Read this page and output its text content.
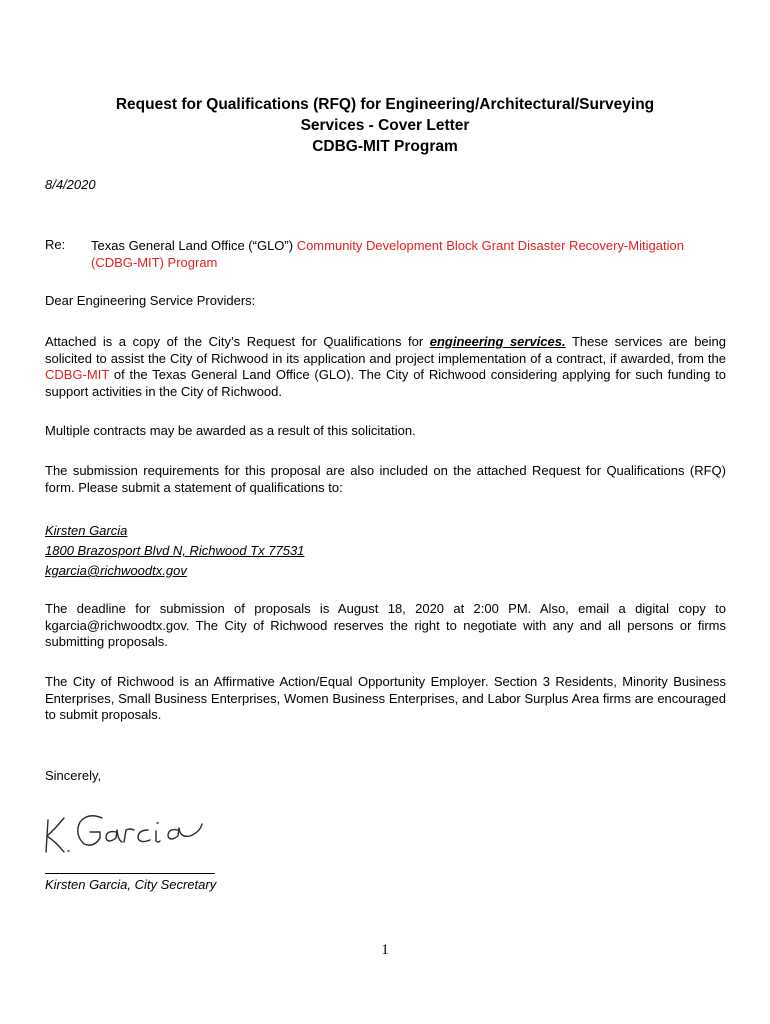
Request for Qualifications (RFQ) for Engineering/Architectural/Surveying
Services - Cover Letter
CDBG-MIT Program
8/4/2020
Re: Texas General Land Office (“GLO”) Community Development Block Grant Disaster Recovery-Mitigation (CDBG-MIT) Program
Dear Engineering Service Providers:
Attached is a copy of the City’s Request for Qualifications for engineering services. These services are being solicited to assist the City of Richwood in its application and project implementation of a contract, if awarded, from the CDBG-MIT of the Texas General Land Office (GLO). The City of Richwood considering applying for such funding to support activities in the City of Richwood.
Multiple contracts may be awarded as a result of this solicitation.
The submission requirements for this proposal are also included on the attached Request for Qualifications (RFQ) form. Please submit a statement of qualifications to:
Kirsten Garcia
1800 Brazosport Blvd N, Richwood Tx 77531
kgarcia@richwoodtx.gov
The deadline for submission of proposals is August 18, 2020 at 2:00 PM. Also, email a digital copy to kgarcia@richwoodtx.gov. The City of Richwood reserves the right to negotiate with any and all persons or firms submitting proposals.
The City of Richwood is an Affirmative Action/Equal Opportunity Employer. Section 3 Residents, Minority Business Enterprises, Small Business Enterprises, Women Business Enterprises, and Labor Surplus Area firms are encouraged to submit proposals.
Sincerely,
Kirsten Garcia, City Secretary
1
